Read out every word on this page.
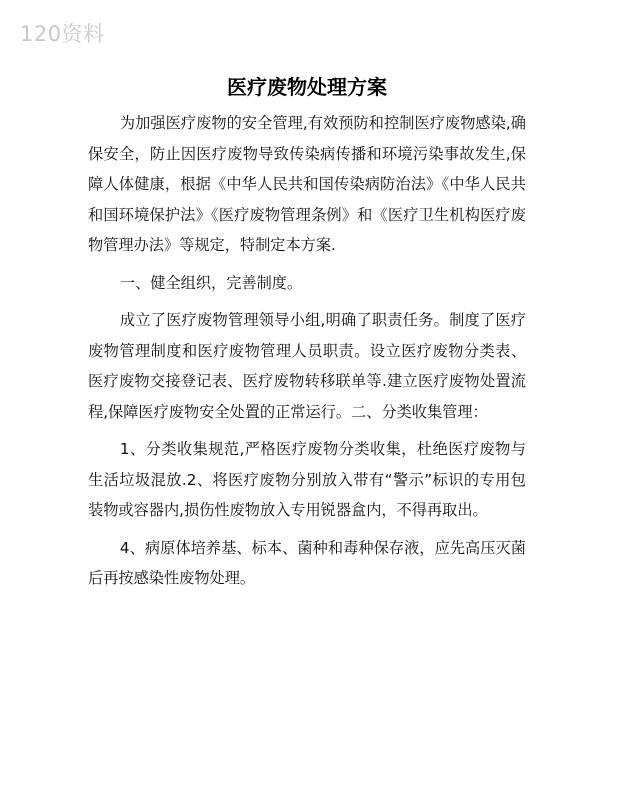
120资料
医疗废物处理方案

为加强医疗废物的安全管理,有效预防和控制医疗废物感染,确保安全，防止因医疗废物导致传染病传播和环境污染事故发生,保障人体健康，根据《中华人民共和国传染病防治法》《中华人民共和国环境保护法》《医疗废物管理条例》和《医疗卫生机构医疗废物管理办法》等规定，特制定本方案.

一、健全组织，完善制度。

成立了医疗废物管理领导小组,明确了职责任务。制度了医疗废物管理制度和医疗废物管理人员职责。设立医疗废物分类表、医疗废物交接登记表、医疗废物转移联单等.建立医疗废物处置流程,保障医疗废物安全处置的正常运行。二、分类收集管理：

1、分类收集规范,严格医疗废物分类收集，杜绝医疗废物与生活垃圾混放.2、将医疗废物分别放入带有“警示”标识的专用包装物或容器内,损伤性废物放入专用锐器盒内，不得再取出。

4、病原体培养基、标本、菌种和毒种保存液，应先高压灭菌后再按感染性废物处理。
